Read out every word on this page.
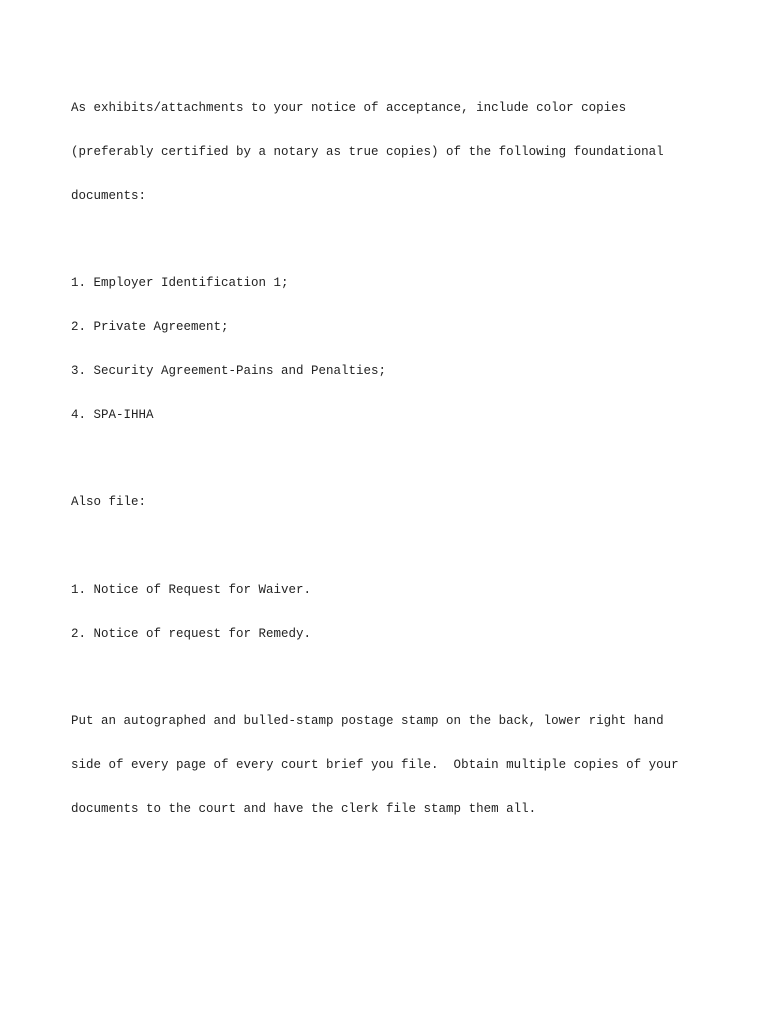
As exhibits/attachments to your notice of acceptance, include color copies

(preferably certified by a notary as true copies) of the following foundational

documents:

1. Employer Identification 1;

2. Private Agreement;

3. Security Agreement-Pains and Penalties;

4. SPA-IHHA

Also file:

1. Notice of Request for Waiver.

2. Notice of request for Remedy.

Put an autographed and bulled-stamp postage stamp on the back, lower right hand

side of every page of every court brief you file.  Obtain multiple copies of your

documents to the court and have the clerk file stamp them all.
